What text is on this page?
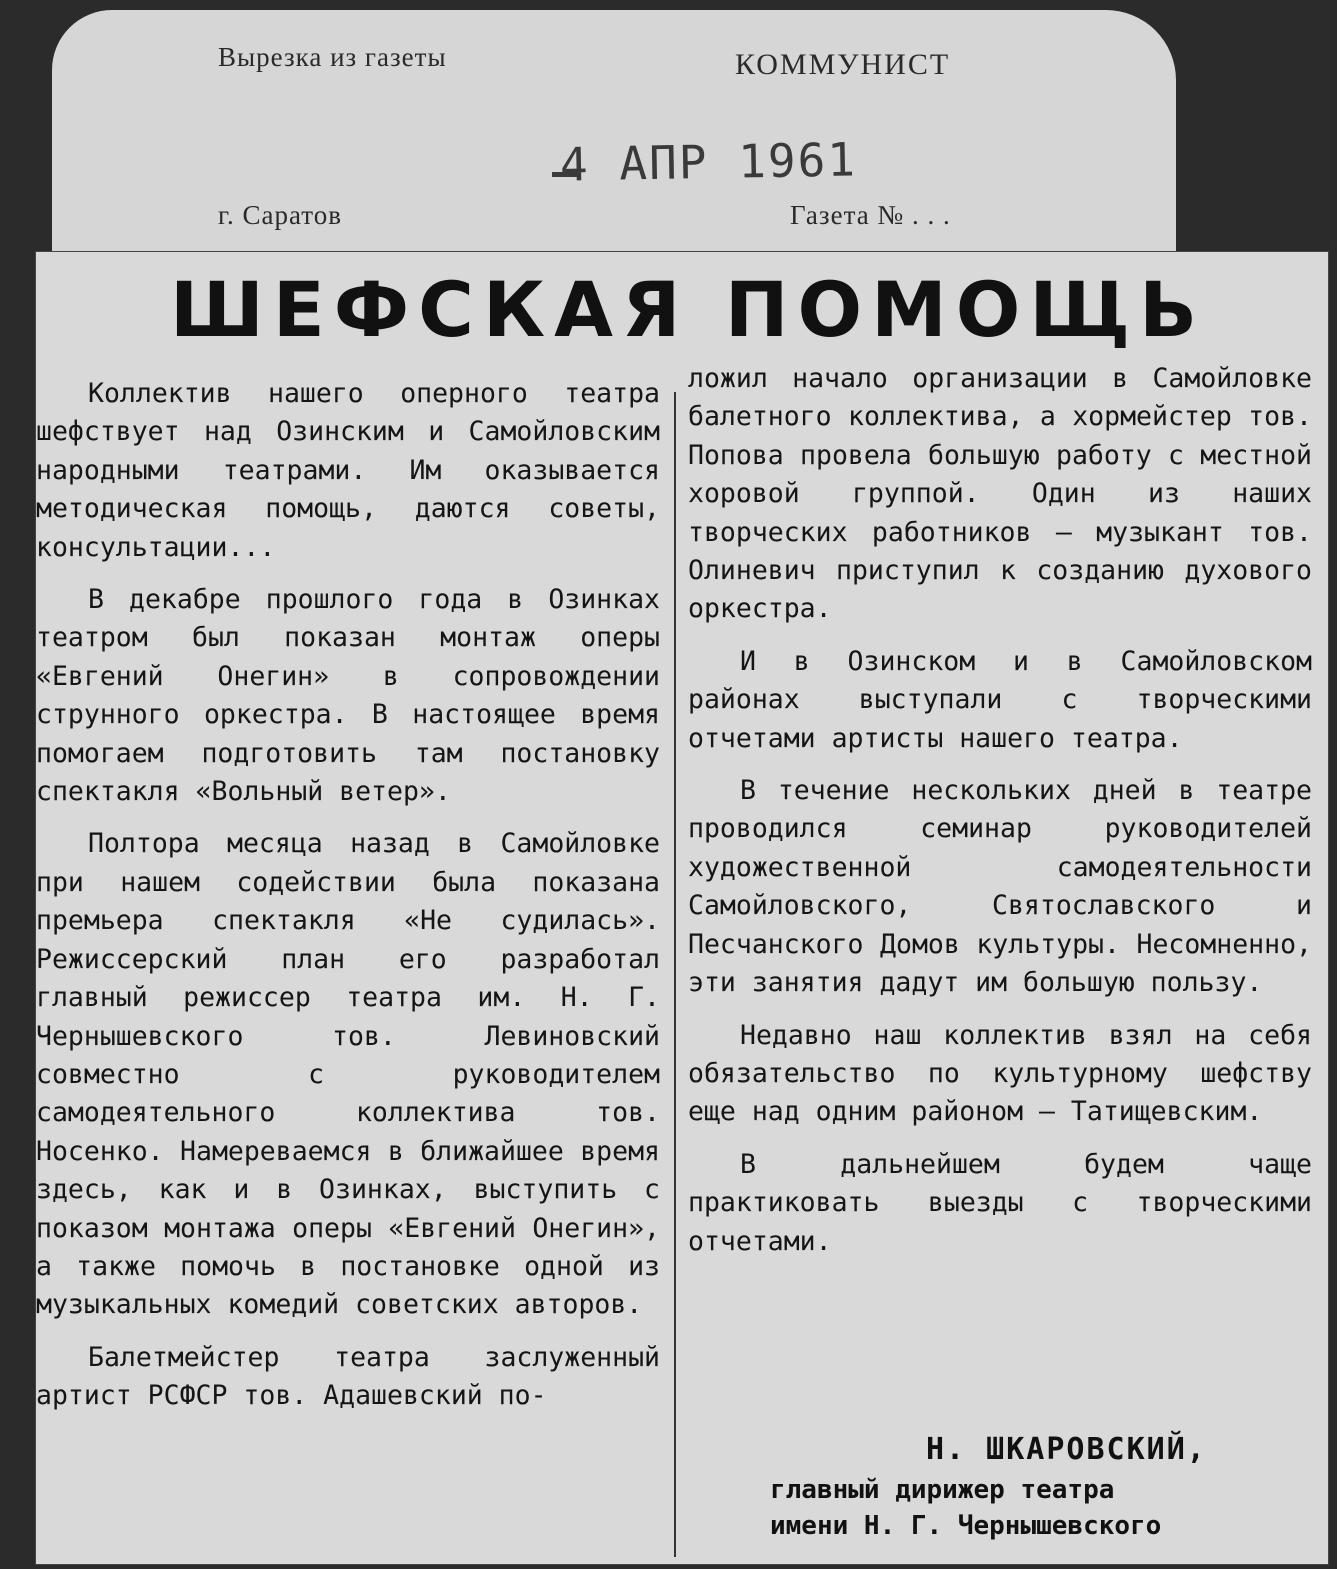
Вырезка из газеты	КОММУНИСТ
4 АПР 1961
г. Саратов	Газета № . . .
ШЕФСКАЯ ПОМОЩЬ

Коллектив нашего оперного театра шефствует над Озинским и Самойловским народными театрами. Им оказывается методическая помощь, даются советы, консультации...

В декабре прошлого года в Озинках театром был показан монтаж оперы «Евгений Онегин» в сопровождении струнного оркестра. В настоящее время помогаем подготовить там постановку спектакля «Вольный ветер».

Полтора месяца назад в Самойловке при нашем содействии была показана премьера спектакля «Не судилась». Режиссерский план его разработал главный режиссер театра им. Н. Г. Чернышевского тов. Левиновский совместно с руководителем самодеятельного коллектива тов. Носенко. Намереваемся в ближайшее время здесь, как и в Озинках, выступить с показом монтажа оперы «Евгений Онегин», а также помочь в постановке одной из музыкальных комедий советских авторов.

Балетмейстер театра заслуженный артист РСФСР тов. Адашевский по-

ложил начало организации в Самойловке балетного коллектива, а хормейстер тов. Попова провела большую работу с местной хоровой группой. Один из наших творческих работников — музыкант тов. Олиневич приступил к созданию духового оркестра.

И в Озинском и в Самойловском районах выступали с творческими отчетами артисты нашего театра.

В течение нескольких дней в театре проводился семинар руководителей художественной самодеятельности Самойловского, Святославского и Песчанского Домов культуры. Несомненно, эти занятия дадут им большую пользу.

Недавно наш коллектив взял на себя обязательство по культурному шефству еще над одним районом — Татищевским.

В дальнейшем будем чаще практиковать выезды с творческими отчетами.

Н. ШКАРОВСКИЙ,
главный дирижер театра
имени Н. Г. Чернышевского
